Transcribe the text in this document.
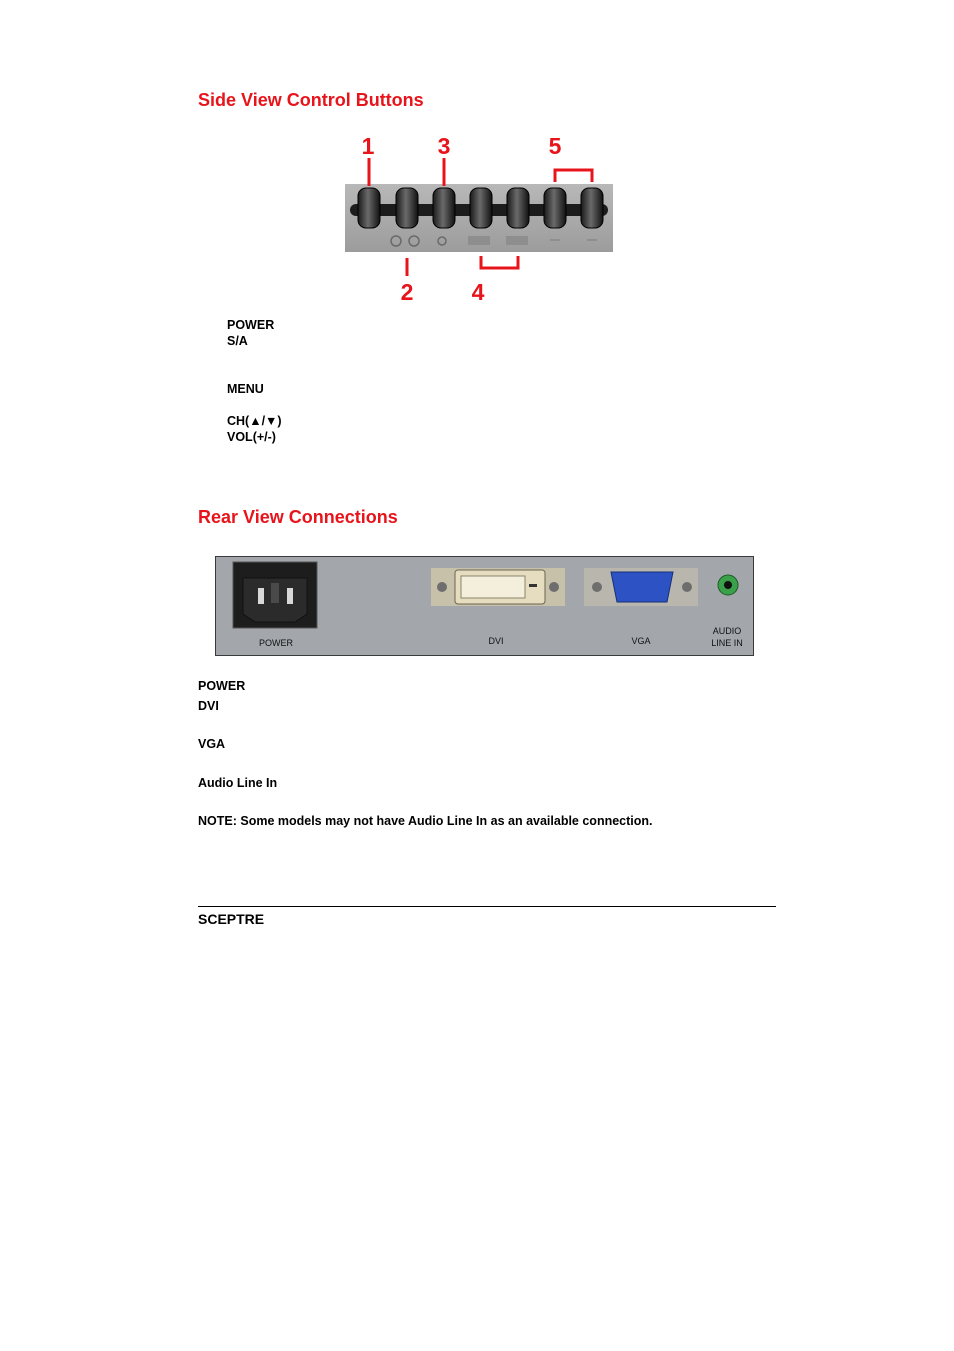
Side View Control Buttons
1	3	5
2	4

POWER

S/A

MENU

CH(▲/▼)

VOL(+/-)

Rear View Connections
POWER	DVI	VGA
AUDIO
LINE IN

POWER

DVI

VGA

Audio Line In

NOTE: Some models may not have Audio Line In as an available connection.

SCEPTRE
